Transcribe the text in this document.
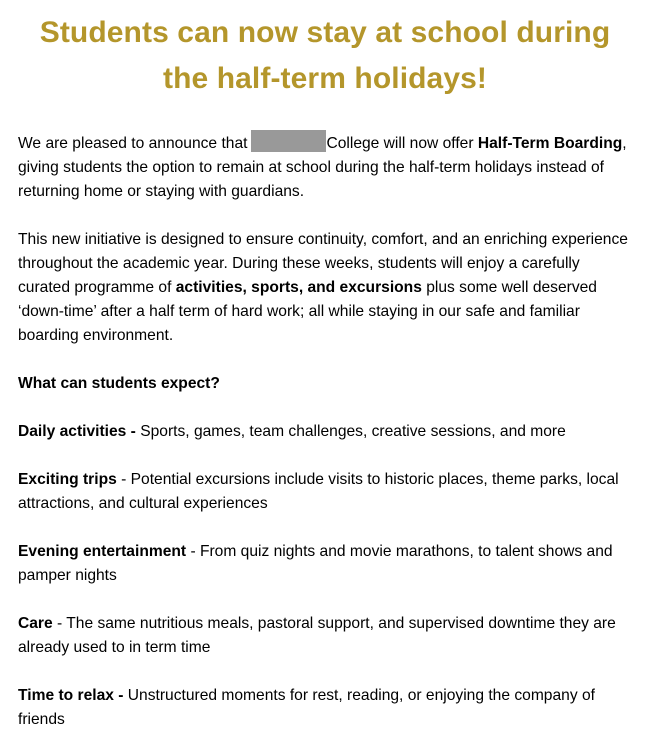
Students can now stay at school during
the half-term holidays!

We are pleased to announce that	College will now offer Half-Term Boarding, giving students the option to remain at school during the half-term holidays instead of returning home or staying with guardians.

This new initiative is designed to ensure continuity, comfort, and an enriching experience throughout the academic year. During these weeks, students will enjoy a carefully curated programme of activities, sports, and excursions plus some well deserved ‘down-time’ after a half term of hard work; all while staying in our safe and familiar boarding environment.

What can students expect?

Daily activities - Sports, games, team challenges, creative sessions, and more

Exciting trips - Potential excursions include visits to historic places, theme parks, local attractions, and cultural experiences

Evening entertainment - From quiz nights and movie marathons, to talent shows and pamper nights

Care - The same nutritious meals, pastoral support, and supervised downtime they are already used to in term time

Time to relax - Unstructured moments for rest, reading, or enjoying the company of friends
